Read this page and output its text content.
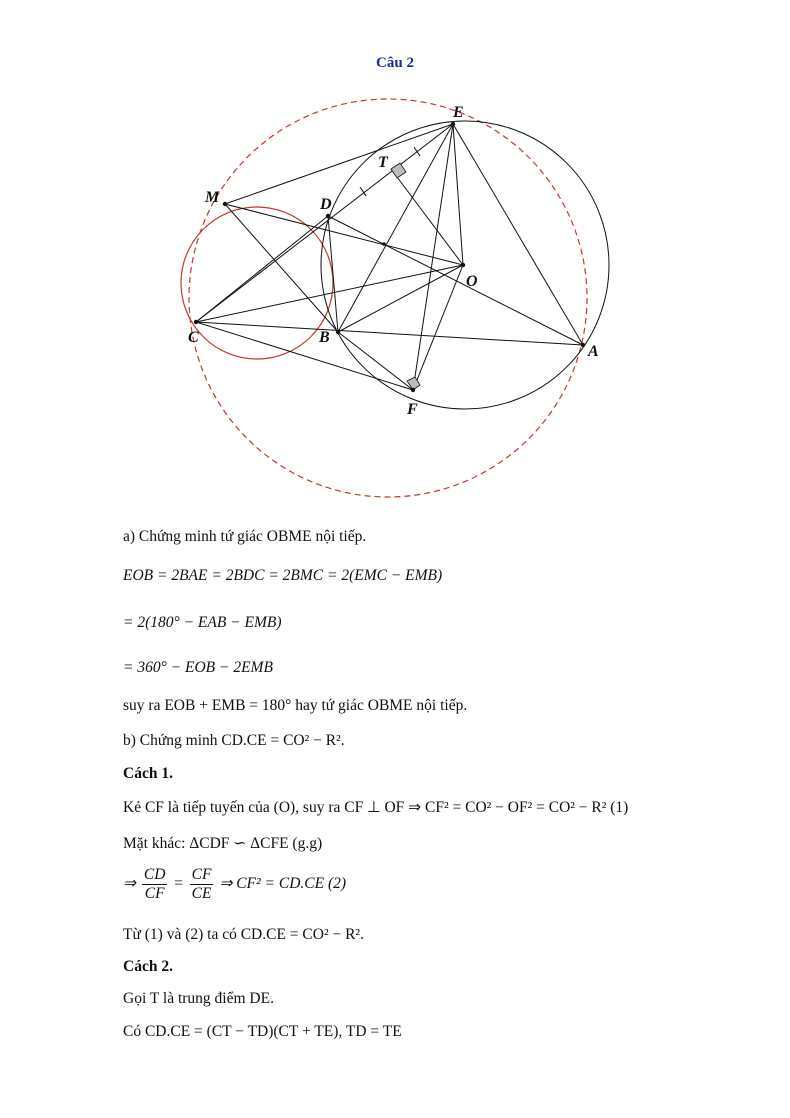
Câu 2
E
T
M	D
O
C	B
A
F
a) Chứng minh tứ giác OBME nội tiếp.
EOB = 2BAE = 2BDC = 2BMC = 2(EMC − EMB)
= 2(180° − EAB − EMB)
= 360° − EOB − 2EMB
suy ra EOB + EMB = 180° hay tứ giác OBME nội tiếp.
b) Chứng minh CD.CE = CO² − R².
Cách 1.
Kẻ CF là tiếp tuyến của (O), suy ra CF ⊥ OF ⇒ CF² = CO² − OF² = CO² − R² (1)
Mặt khác: ΔCDF ∽ ΔCFE (g.g)
⇒ $\frac{CD}{CF} = \frac{CF}{CE}$ ⇒ CF² = CD.CE (2)
Từ (1) và (2) ta có CD.CE = CO² − R².
Cách 2.
Gọi T là trung điểm DE.
Có CD.CE = (CT − TD)(CT + TE), TD = TE
